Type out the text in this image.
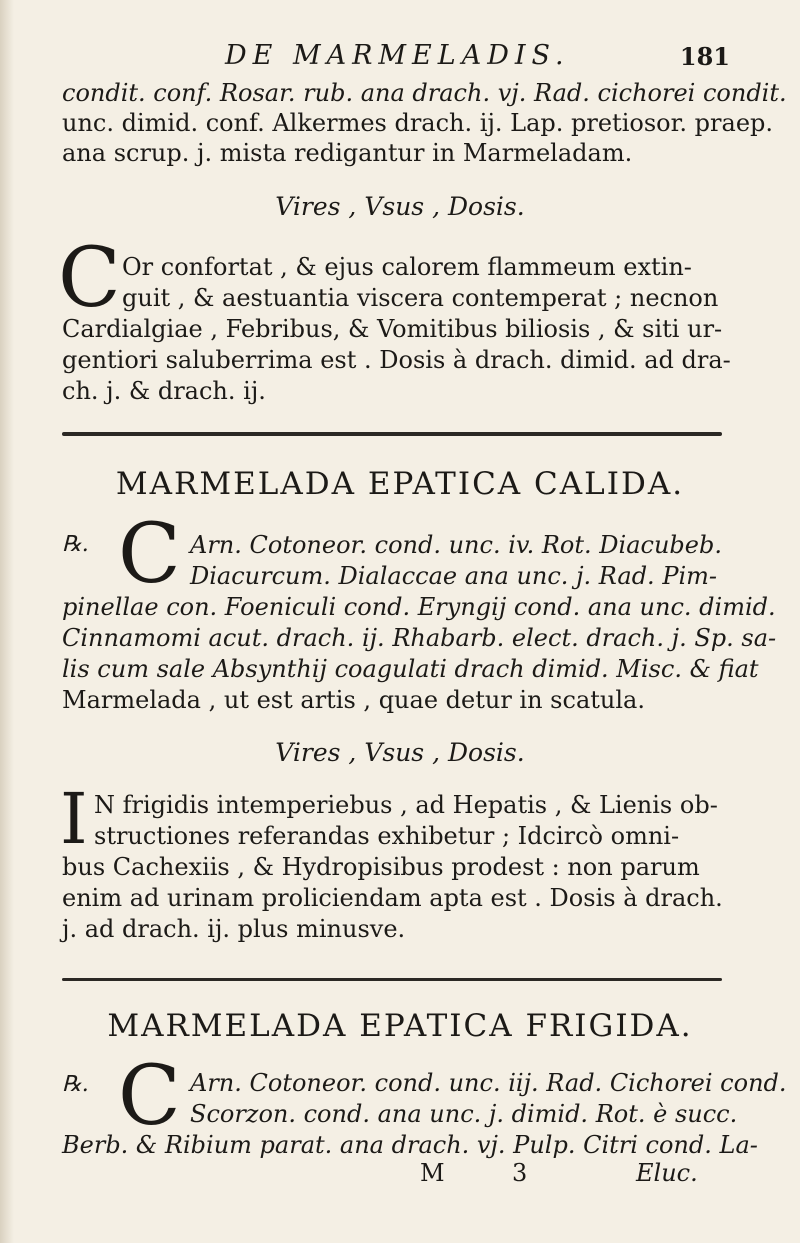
DE MARMELADIS.	181
condit. conf. Rosar. rub. ana drach. vj. Rad. cichorei condit.
unc. dimid. conf. Alkermes drach. ij. Lap. pretiosor. praep.
ana scrup. j. mista redigantur in Marmeladam.
Vires , Vsus , Dosis.
C Or confortat , & ejus calorem flammeum extin-
guit , & aestuantia viscera contemperat ; necnon
Cardialgiae , Febribus, & Vomitibus biliosis , & siti ur-
gentiori saluberrima est . Dosis à drach. dimid. ad dra-
ch. j. & drach. ij.
MARMELADA EPATICA CALIDA.
℞. C Arn. Cotoneor. cond. unc. iv. Rot. Diacubeb.
Diacurcum. Dialaccae ana unc. j. Rad. Pim-
pinellae con. Foeniculi cond. Eryngij cond. ana unc. dimid.
Cinnamomi acut. drach. ij. Rhabarb. elect. drach. j. Sp. sa-
lis cum sale Absynthij coagulati drach dimid. Misc. & fiat
Marmelada , ut est artis , quae detur in scatula.
Vires , Vsus , Dosis.
I N frigidis intemperiebus , ad Hepatis , & Lienis ob-
structiones referandas exhibetur ; Idcircò omni-
bus Cachexiis , & Hydropisibus prodest : non parum
enim ad urinam proliciendam apta est . Dosis à drach.
j. ad drach. ij. plus minusve.
MARMELADA EPATICA FRIGIDA.
℞. C Arn. Cotoneor. cond. unc. iij. Rad. Cichorei cond.
Scorzon. cond. ana unc. j. dimid. Rot. è succ.
Berb. & Ribium parat. ana drach. vj. Pulp. Citri cond. La-
M	3	Eluc.
